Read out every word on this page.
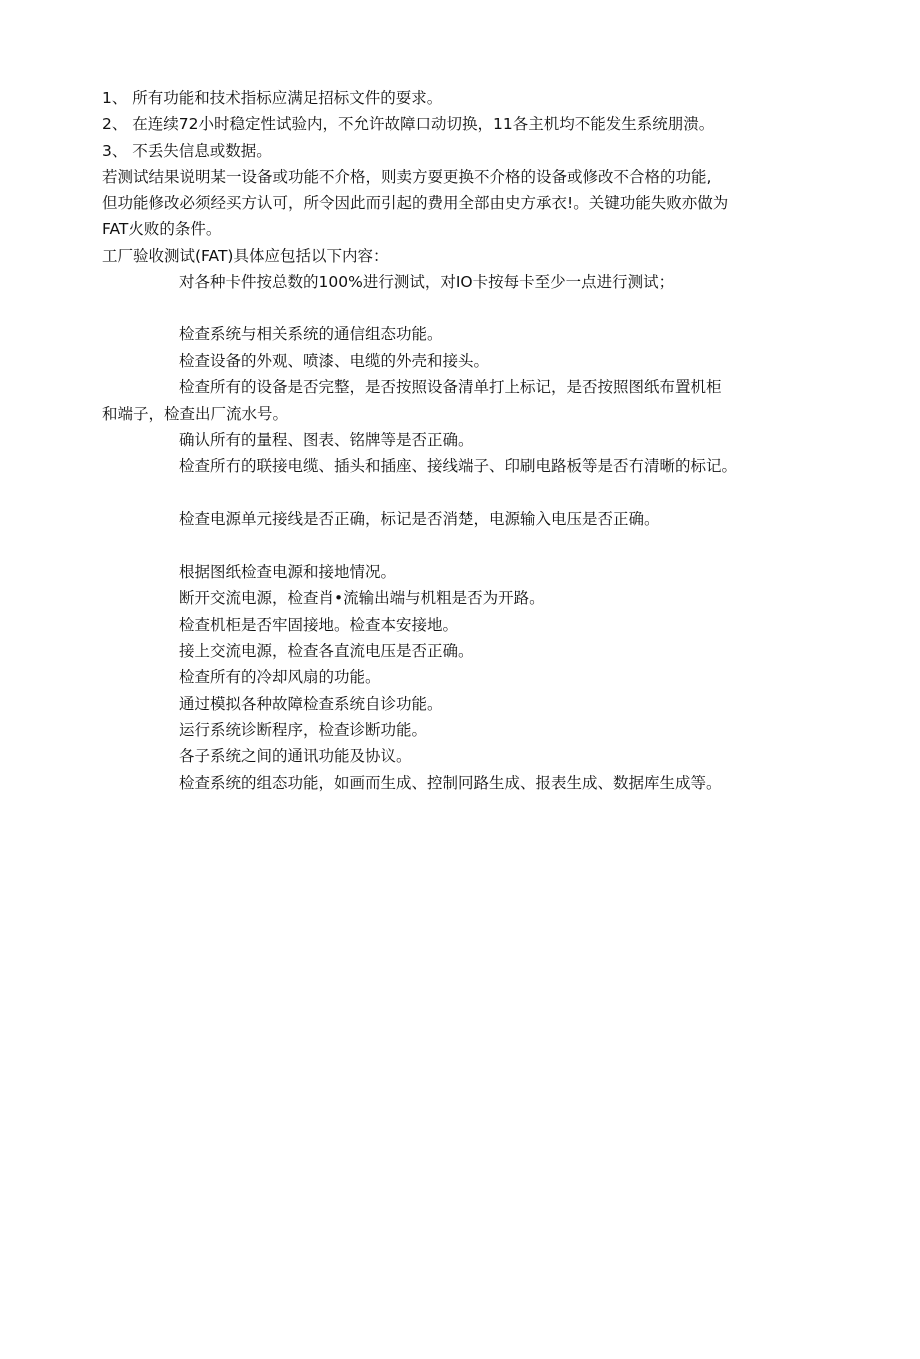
1、 所有功能和技术指标应满足招标文件的耍求。
2、 在连续72小时稳定性试验内，不允许故障口动切换，11各主机均不能发生系统朋溃。
3、 不丢失信息或数据。
若测试结果说明某一设备或功能不介格，则卖方耍更换不介格的设备或修改不合格的功能,
但功能修改必须经买方认可，所令因此而引起的费用全部由史方承衣!。关键功能失败亦做为
FAT火败的条件。
工厂验收测试(FAT)具体应包括以下内容：
对各种卡件按总数的100%进行测试，对IO卡按每卡至少一点进行测试；
检查系统与相关系统的通信组态功能。
检查设备的外观、喷漆、电缆的外壳和接头。
检查所有的设备是否完整，是否按照设备清单打上标记，是否按照图纸布置机柜
和端子，检查出厂流水号。
确认所有的量程、图表、铭牌等是否正确。
检查所冇的联接电缆、插头和插座、接线端子、印刷电路板等是否冇清晰的标记。
检查电源单元接线是否正确，标记是否消楚，电源输入电压是否正确。
根据图纸检查电源和接地情况。
断开交流电源，检查肖•流输出端与机粗是否为开路。
检查机柜是否牢固接地。检查本安接地。
接上交流电源，检查各直流电压是否正确。
检查所有的冷却风扇的功能。
通过模拟各种故障检查系统自诊功能。
运行系统诊断程序，检查诊断功能。
各子系统之间的通讯功能及协议。
检查系统的组态功能，如画而生成、控制冋路生成、报表生成、数据库生成等。
